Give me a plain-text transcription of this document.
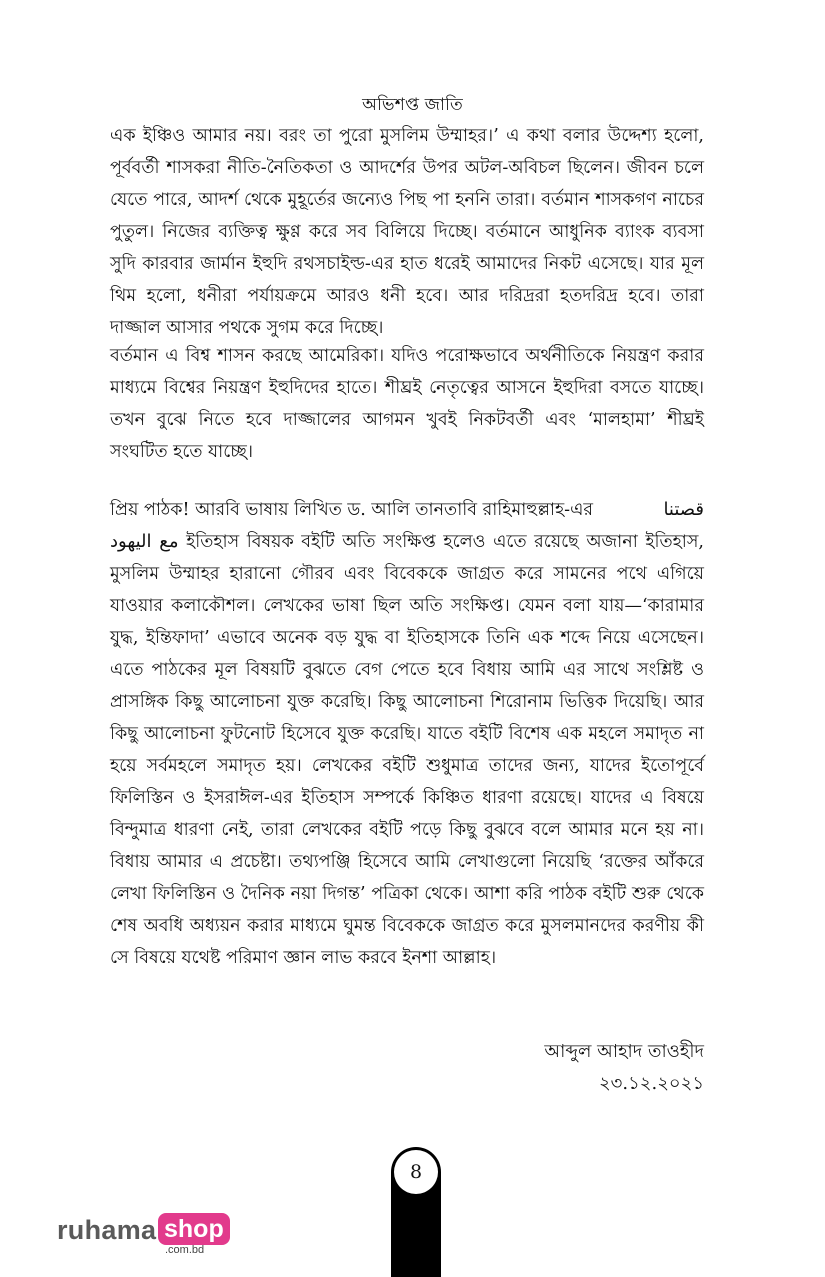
অভিশপ্ত জাতি

এক ইঞ্চিও আমার নয়। বরং তা পুরো মুসলিম উম্মাহর।’ এ কথা বলার উদ্দেশ্য হলো, পূর্ববর্তী শাসকরা নীতি-নৈতিকতা ও আদর্শের উপর অটল-অবিচল ছিলেন। জীবন চলে যেতে পারে, আদর্শ থেকে মুহূর্তের জন্যেও পিছ পা হননি তারা। বর্তমান শাসকগণ নাচের পুতুল। নিজের ব্যক্তিত্ব ক্ষুণ্ণ করে সব বিলিয়ে দিচ্ছে। বর্তমানে আধুনিক ব্যাংক ব্যবসা সুদি কারবার জার্মান ইহুদি রথসচাইল্ড-এর হাত ধরেই আমাদের নিকট এসেছে। যার মূল থিম হলো, ধনীরা পর্যায়ক্রমে আরও ধনী হবে। আর দরিদ্ররা হতদরিদ্র হবে। তারা দাজ্জাল আসার পথকে সুগম করে দিচ্ছে।

বর্তমান এ বিশ্ব শাসন করছে আমেরিকা। যদিও পরোক্ষভাবে অর্থনীতিকে নিয়ন্ত্রণ করার মাধ্যমে বিশ্বের নিয়ন্ত্রণ ইহুদিদের হাতে। শীঘ্রই নেতৃত্বের আসনে ইহুদিরা বসতে যাচ্ছে। তখন বুঝে নিতে হবে দাজ্জালের আগমন খুবই নিকটবর্তী এবং ‘মালহামা’ শীঘ্রই সংঘটিত হতে যাচ্ছে।

قصتنا
প্রিয় পাঠক! আরবি ভাষায় লিখিত ড. আলি তানতাবি রাহিমাহুল্লাহ-এর

مع اليهود ইতিহাস বিষয়ক বইটি অতি সংক্ষিপ্ত হলেও এতে রয়েছে অজানা ইতিহাস, মুসলিম উম্মাহর হারানো গৌরব এবং বিবেককে জাগ্রত করে সামনের পথে এগিয়ে যাওয়ার কলাকৌশল। লেখকের ভাষা ছিল অতি সংক্ষিপ্ত। যেমন বলা যায়—‘কারামার যুদ্ধ, ইন্তিফাদা’ এভাবে অনেক বড় যুদ্ধ বা ইতিহাসকে তিনি এক শব্দে নিয়ে এসেছেন। এতে পাঠকের মূল বিষয়টি বুঝতে বেগ পেতে হবে বিধায় আমি এর সাথে সংশ্লিষ্ট ও প্রাসঙ্গিক কিছু আলোচনা যুক্ত করেছি। কিছু আলোচনা শিরোনাম ভিত্তিক দিয়েছি। আর কিছু আলোচনা ফুটনোট হিসেবে যুক্ত করেছি। যাতে বইটি বিশেষ এক মহলে সমাদৃত না হয়ে সর্বমহলে সমাদৃত হয়। লেখকের বইটি শুধুমাত্র তাদের জন্য, যাদের ইতোপূর্বে ফিলিস্তিন ও ইসরাঈল-এর ইতিহাস সম্পর্কে কিঞ্চিত ধারণা রয়েছে। যাদের এ বিষয়ে বিন্দুমাত্র ধারণা নেই, তারা লেখকের বইটি পড়ে কিছু বুঝবে বলে আমার মনে হয় না। বিধায় আমার এ প্রচেষ্টা। তথ্যপঞ্জি হিসেবে আমি লেখাগুলো নিয়েছি ‘রক্তের আঁকরে লেখা ফিলিস্তিন ও দৈনিক নয়া দিগন্ত’ পত্রিকা থেকে। আশা করি পাঠক বইটি শুরু থেকে শেষ অবধি অধ্যয়ন করার মাধ্যমে ঘুমন্ত বিবেককে জাগ্রত করে মুসলমানদের করণীয় কী সে বিষয়ে যথেষ্ট পরিমাণ জ্ঞান লাভ করবে ইনশা আল্লাহ।

আব্দুল আহাদ তাওহীদ
২৩.১২.২০২১
8
ruhama shop
.com.bd
